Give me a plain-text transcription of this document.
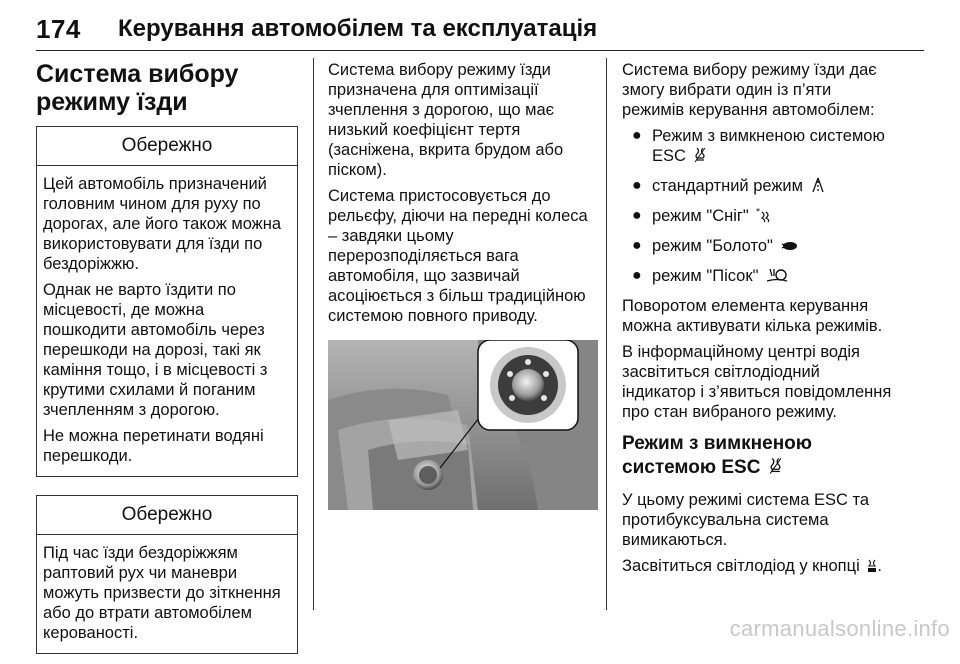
174 Керування автомобілем та експлуатація
Система вибору режиму їзди
Обережно

Цей автомобіль призначений головним чином для руху по дорогах, але його також можна використовувати для їзди по бездоріжжю.

Однак не варто їздити по місцевості, де можна пошкодити автомобіль через перешкоди на дорозі, такі як каміння тощо, і в місцевості з крутими схилами й поганим зчепленням з дорогою.

Не можна перетинати водяні перешкоди.

Обережно

Під час їзди бездоріжжям раптовий рух чи маневри можуть призвести до зіткнення або до втрати автомобілем керованості.

Система вибору режиму їзди призначена для оптимізації зчеплення з дорогою, що має низький коефіцієнт тертя (засніжена, вкрита брудом або піском).

Система пристосовується до рельєфу, діючи на передні колеса – завдяки цьому перерозподіляється вага автомобіля, що зазвичай асоціюється з більш традиційною системою повного приводу.

Система вибору режиму їзди дає змогу вибрати один із п’яти режимів керування автомобілем:

● Режим з вимкненою системою ESC
● стандартний режим
● режим "Сніг" *
● режим "Болото"
● режим "Пісок"

Поворотом елемента керування можна активувати кілька режимів.

В інформаційному центрі водія засвітиться світлодіодний індикатор і з’явиться повідомлення про стан вибраного режиму.

Режим з вимкненою системою ESC

У цьому режимі система ESC та протибуксувальна система вимикаються.

Засвітиться світлодіод у кнопці .

carmanualsonline.info
